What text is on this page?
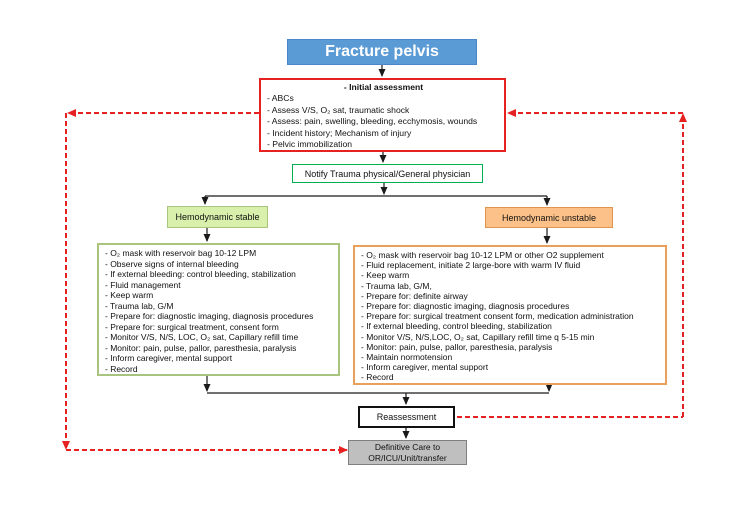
Fracture pelvis
- Initial assessment
- ABCs
- Assess V/S, O₂ sat, traumatic shock
- Assess: pain, swelling, bleeding, ecchymosis, wounds
- Incident history; Mechanism of injury
- Pelvic immobilization
Notify Trauma physical/General physician
Hemodynamic stable	Hemodynamic unstable
- O₂ mask with reservoir bag 10-12 LPM
- Observe signs of internal bleeding
- If external bleeding: control bleeding, stabilization
- Fluid management
- Keep warm
- Trauma lab, G/M
- Prepare for: diagnostic imaging, diagnosis procedures
- Prepare for: surgical treatment, consent form
- Monitor V/S, N/S, LOC, O₂ sat, Capillary refill time
- Monitor: pain, pulse, pallor, paresthesia, paralysis
- Inform caregiver, mental support
- Record
- O₂ mask with reservoir bag 10-12 LPM or other O2 supplement
- Fluid replacement, initiate 2 large-bore with warm IV fluid
- Keep warm
- Trauma lab, G/M,
- Prepare for: definite airway
- Prepare for: diagnostic imaging, diagnosis procedures
- Prepare for: surgical treatment consent form, medication administration
- If external bleeding, control bleeding, stabilization
- Monitor V/S, N/S,LOC, O₂ sat, Capillary refill time q 5-15 min
- Monitor: pain, pulse, pallor, paresthesia, paralysis
- Maintain normotension
- Inform caregiver, mental support
- Record
Reassessment
Definitive Care to
OR/ICU/Unit/transfer
